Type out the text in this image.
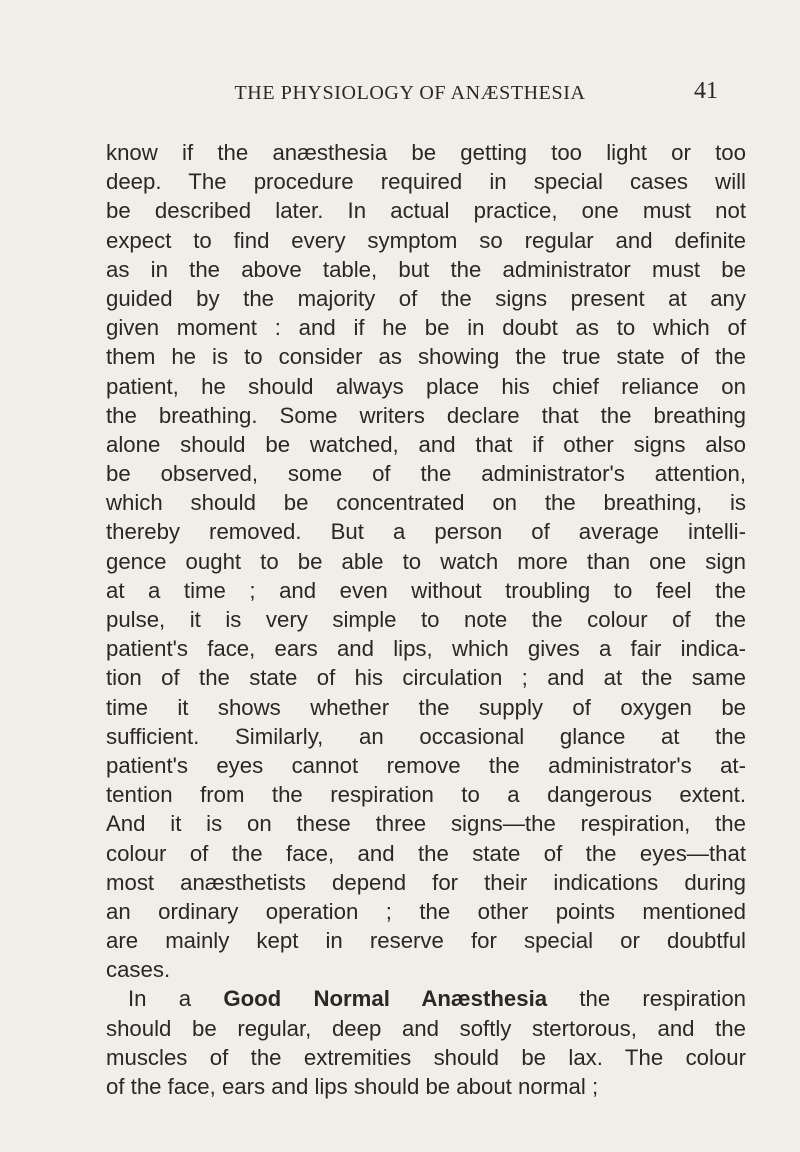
THE PHYSIOLOGY OF ANÆSTHESIA	41
know if the anæsthesia be getting too light or too
deep. The procedure required in special cases will
be described later. In actual practice, one must not
expect to find every symptom so regular and definite
as in the above table, but the administrator must be
guided by the majority of the signs present at any
given moment : and if he be in doubt as to which of
them he is to consider as showing the true state of the
patient, he should always place his chief reliance on
the breathing. Some writers declare that the breathing
alone should be watched, and that if other signs also
be observed, some of the administrator's attention,
which should be concentrated on the breathing, is
thereby removed. But a person of average intelli-
gence ought to be able to watch more than one sign
at a time ; and even without troubling to feel the
pulse, it is very simple to note the colour of the
patient's face, ears and lips, which gives a fair indica-
tion of the state of his circulation ; and at the same
time it shows whether the supply of oxygen be
sufficient. Similarly, an occasional glance at the
patient's eyes cannot remove the administrator's at-
tention from the respiration to a dangerous extent.
And it is on these three signs—the respiration, the
colour of the face, and the state of the eyes—that
most anæsthetists depend for their indications during
an ordinary operation ; the other points mentioned
are mainly kept in reserve for special or doubtful
cases.
In a Good Normal Anæsthesia the respiration
should be regular, deep and softly stertorous, and the
muscles of the extremities should be lax. The colour
of the face, ears and lips should be about normal ;
